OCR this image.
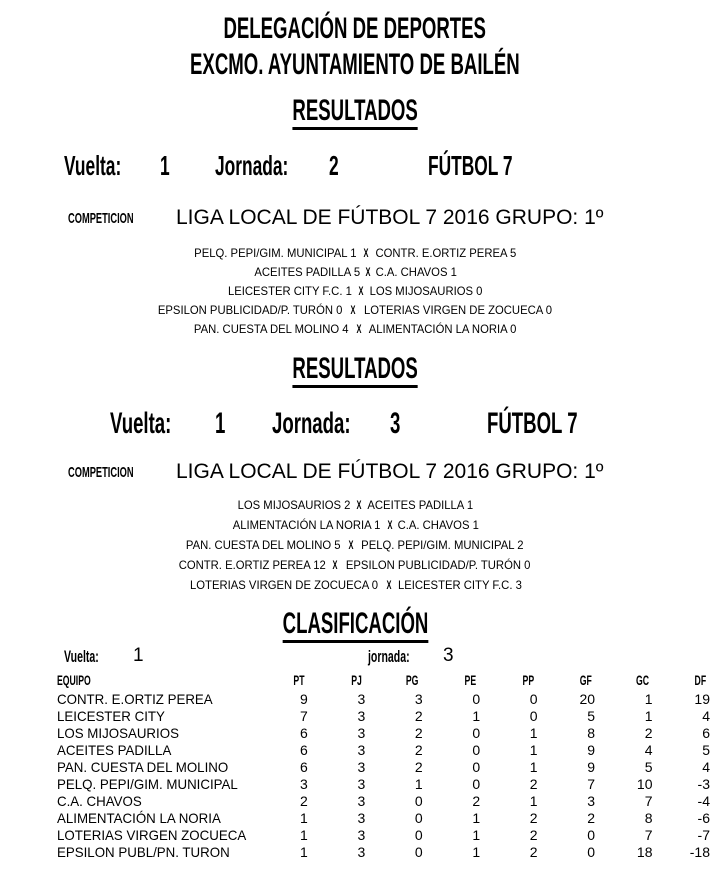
DELEGACIÓN DE DEPORTES
EXCMO. AYUNTAMIENTO DE BAILÉN
RESULTADOS
Vuelta:	1 Jornada:	2	FÚTBOL 7
COMPETICION	LIGA LOCAL DE FÚTBOL 7 2016 GRUPO: 1º
PELQ. PEPI/GIM. MUNICIPAL 1 X CONTR. E.ORTIZ PEREA 5
ACEITES PADILLA 5 X C.A. CHAVOS 1
LEICESTER CITY F.C. 1 X LOS MIJOSAURIOS 0
EPSILON PUBLICIDAD/P. TURÓN 0 X LOTERIAS VIRGEN DE ZOCUECA 0
PAN. CUESTA DEL MOLINO 4 X ALIMENTACIÓN LA NORIA 0
RESULTADOS
Vuelta:	1 Jornada:	3	FÚTBOL 7
COMPETICION	LIGA LOCAL DE FÚTBOL 7 2016 GRUPO: 1º
LOS MIJOSAURIOS 2 X ACEITES PADILLA 1
ALIMENTACIÓN LA NORIA 1 X C.A. CHAVOS 1
PAN. CUESTA DEL MOLINO 5 X PELQ. PEPI/GIM. MUNICIPAL 2
CONTR. E.ORTIZ PEREA 12 X EPSILON PUBLICIDAD/P. TURÓN 0
LOTERIAS VIRGEN DE ZOCUECA 0 X LEICESTER CITY F.C. 3
CLASIFICACIÓN
Vuelta:	1	jornada:	3
	EQUIPO	PT	PJ	PG	PE	PP	GF	GC	DF
	CONTR. E.ORTIZ PEREA	9	3	3	0	0	20	1	19
	LEICESTER CITY	7	3	2	1	0	5	1	4
	LOS MIJOSAURIOS	6	3	2	0	1	8	2	6
	ACEITES PADILLA	6	3	2	0	1	9	4	5
	PAN. CUESTA DEL MOLINO	6	3	2	0	1	9	5	4
	PELQ. PEPI/GIM. MUNICIPAL	3	3	1	0	2	7	10	-3
	C.A. CHAVOS	2	3	0	2	1	3	7	-4
	ALIMENTACIÓN LA NORIA	1	3	0	1	2	2	8	-6
	LOTERIAS VIRGEN ZOCUECA	1	3	0	1	2	0	7	-7
	EPSILON PUBL/PN. TURON	1	3	0	1	2	0	18	-18
